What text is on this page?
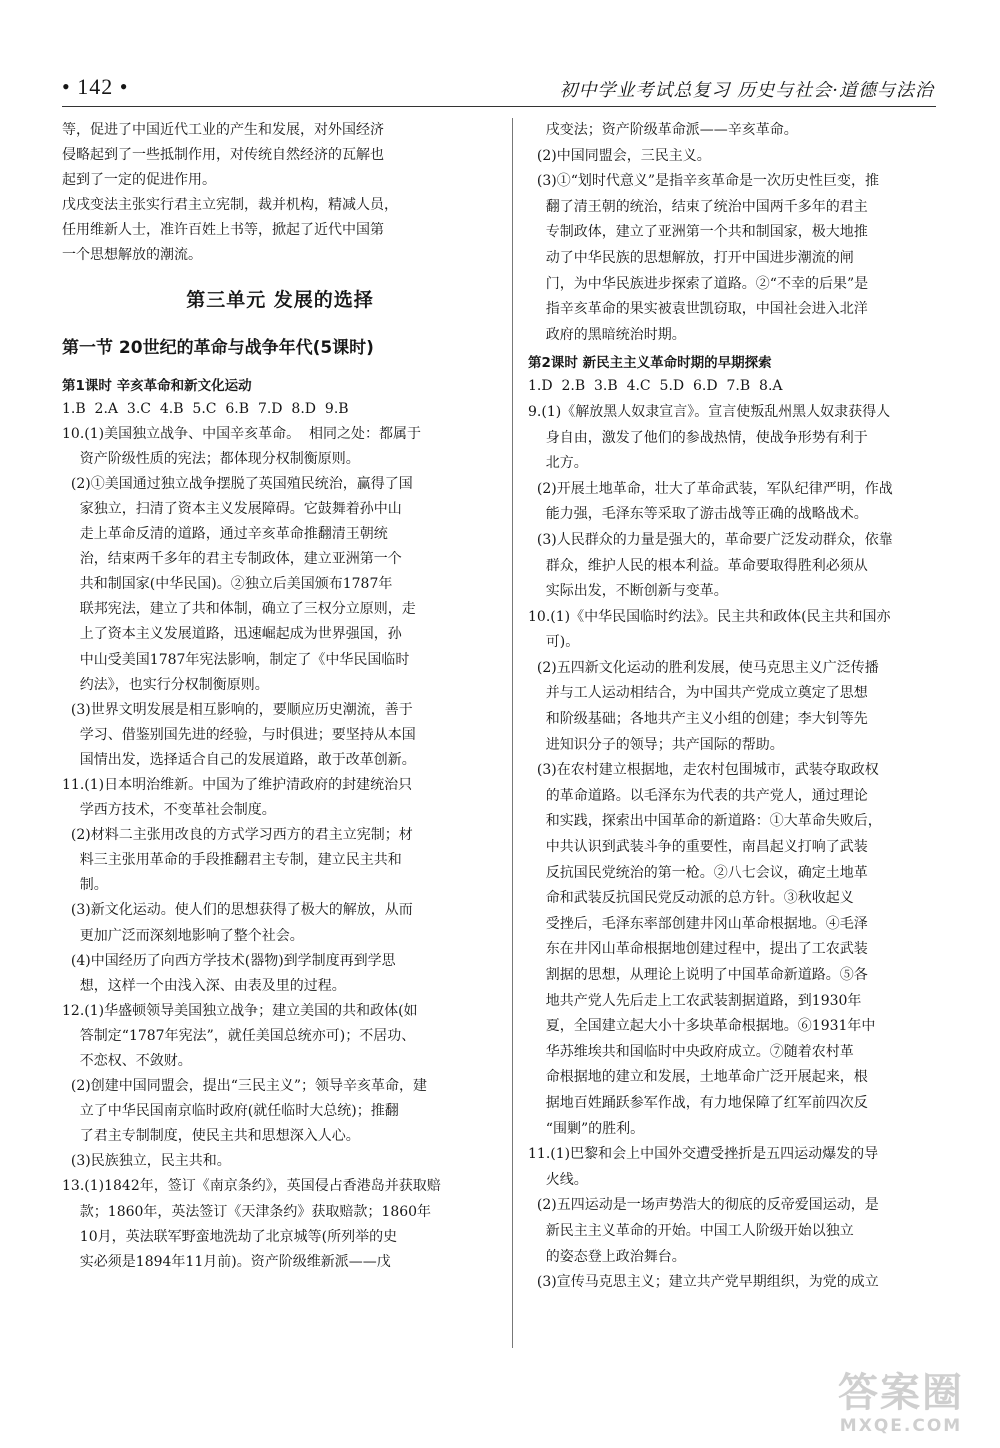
• 142 •	初中学业考试总复习 历史与社会·道德与法治
等，促进了中国近代工业的产生和发展，对外国经济
侵略起到了一些抵制作用，对传统自然经济的瓦解也
起到了一定的促进作用。
戊戌变法主张实行君主立宪制，裁并机构，精减人员，
任用维新人士，准许百姓上书等，掀起了近代中国第
一个思想解放的潮流。
第三单元 发展的选择
第一节 20世纪的革命与战争年代(5课时)
第1课时 辛亥革命和新文化运动
1.B  2.A  3.C  4.B  5.C  6.B  7.D  8.D  9.B
10.(1)美国独立战争、中国辛亥革命。  相同之处：都属于
资产阶级性质的宪法；都体现分权制衡原则。
(2)①美国通过独立战争摆脱了英国殖民统治，赢得了国
家独立，扫清了资本主义发展障碍。它鼓舞着孙中山
走上革命反清的道路，通过辛亥革命推翻清王朝统
治，结束两千多年的君主专制政体，建立亚洲第一个
共和制国家(中华民国)。②独立后美国颁布1787年
联邦宪法，建立了共和体制，确立了三权分立原则，走
上了资本主义发展道路，迅速崛起成为世界强国，孙
中山受美国1787年宪法影响，制定了《中华民国临时
约法》，也实行分权制衡原则。
(3)世界文明发展是相互影响的，要顺应历史潮流，善于
学习、借鉴别国先进的经验，与时俱进；要坚持从本国
国情出发，选择适合自己的发展道路，敢于改革创新。
11.(1)日本明治维新。中国为了维护清政府的封建统治只
学西方技术，不变革社会制度。
(2)材料二主张用改良的方式学习西方的君主立宪制；材
料三主张用革命的手段推翻君主专制，建立民主共和
制。
(3)新文化运动。使人们的思想获得了极大的解放，从而
更加广泛而深刻地影响了整个社会。
(4)中国经历了向西方学技术(器物)到学制度再到学思
想，这样一个由浅入深、由表及里的过程。
12.(1)华盛顿领导美国独立战争；建立美国的共和政体(如
答制定“1787年宪法”，就任美国总统亦可)；不居功、
不恋权、不敛财。
(2)创建中国同盟会，提出“三民主义”；领导辛亥革命，建
立了中华民国南京临时政府(就任临时大总统)；推翻
了君主专制制度，使民主共和思想深入人心。
(3)民族独立，民主共和。
13.(1)1842年，签订《南京条约》，英国侵占香港岛并获取赔
款；1860年，英法签订《天津条约》获取赔款；1860年
10月，英法联军野蛮地洗劫了北京城等(所列举的史
实必须是1894年11月前)。资产阶级维新派——戊
戌变法；资产阶级革命派——辛亥革命。
(2)中国同盟会，三民主义。
(3)①“划时代意义”是指辛亥革命是一次历史性巨变，推
翻了清王朝的统治，结束了统治中国两千多年的君主
专制政体，建立了亚洲第一个共和制国家，极大地推
动了中华民族的思想解放，打开中国进步潮流的闸
门，为中华民族进步探索了道路。②“不幸的后果”是
指辛亥革命的果实被袁世凯窃取，中国社会进入北洋
政府的黑暗统治时期。
第2课时 新民主主义革命时期的早期探索
1.D  2.B  3.B  4.C  5.D  6.D  7.B  8.A
9.(1)《解放黑人奴隶宣言》。宣言使叛乱州黑人奴隶获得人
身自由，激发了他们的参战热情，使战争形势有利于
北方。
(2)开展土地革命，壮大了革命武装，军队纪律严明，作战
能力强，毛泽东等采取了游击战等正确的战略战术。
(3)人民群众的力量是强大的，革命要广泛发动群众，依靠
群众，维护人民的根本利益。革命要取得胜利必须从
实际出发，不断创新与变革。
10.(1)《中华民国临时约法》。民主共和政体(民主共和国亦
可)。
(2)五四新文化运动的胜利发展，使马克思主义广泛传播
并与工人运动相结合，为中国共产党成立奠定了思想
和阶级基础；各地共产主义小组的创建；李大钊等先
进知识分子的领导；共产国际的帮助。
(3)在农村建立根据地，走农村包围城市，武装夺取政权
的革命道路。以毛泽东为代表的共产党人，通过理论
和实践，探索出中国革命的新道路：①大革命失败后，
中共认识到武装斗争的重要性，南昌起义打响了武装
反抗国民党统治的第一枪。②八七会议，确定土地革
命和武装反抗国民党反动派的总方针。③秋收起义
受挫后，毛泽东率部创建井冈山革命根据地。④毛泽
东在井冈山革命根据地创建过程中，提出了工农武装
割据的思想，从理论上说明了中国革命新道路。⑤各
地共产党人先后走上工农武装割据道路，到1930年
夏，全国建立起大小十多块革命根据地。⑥1931年中
华苏维埃共和国临时中央政府成立。⑦随着农村革
命根据地的建立和发展，土地革命广泛开展起来，根
据地百姓踊跃参军作战，有力地保障了红军前四次反
“围剿”的胜利。
11.(1)巴黎和会上中国外交遭受挫折是五四运动爆发的导
火线。
(2)五四运动是一场声势浩大的彻底的反帝爱国运动，是
新民主主义革命的开始。中国工人阶级开始以独立
的姿态登上政治舞台。
(3)宣传马克思主义；建立共产党早期组织，为党的成立
答案圈
MXQE.COM
